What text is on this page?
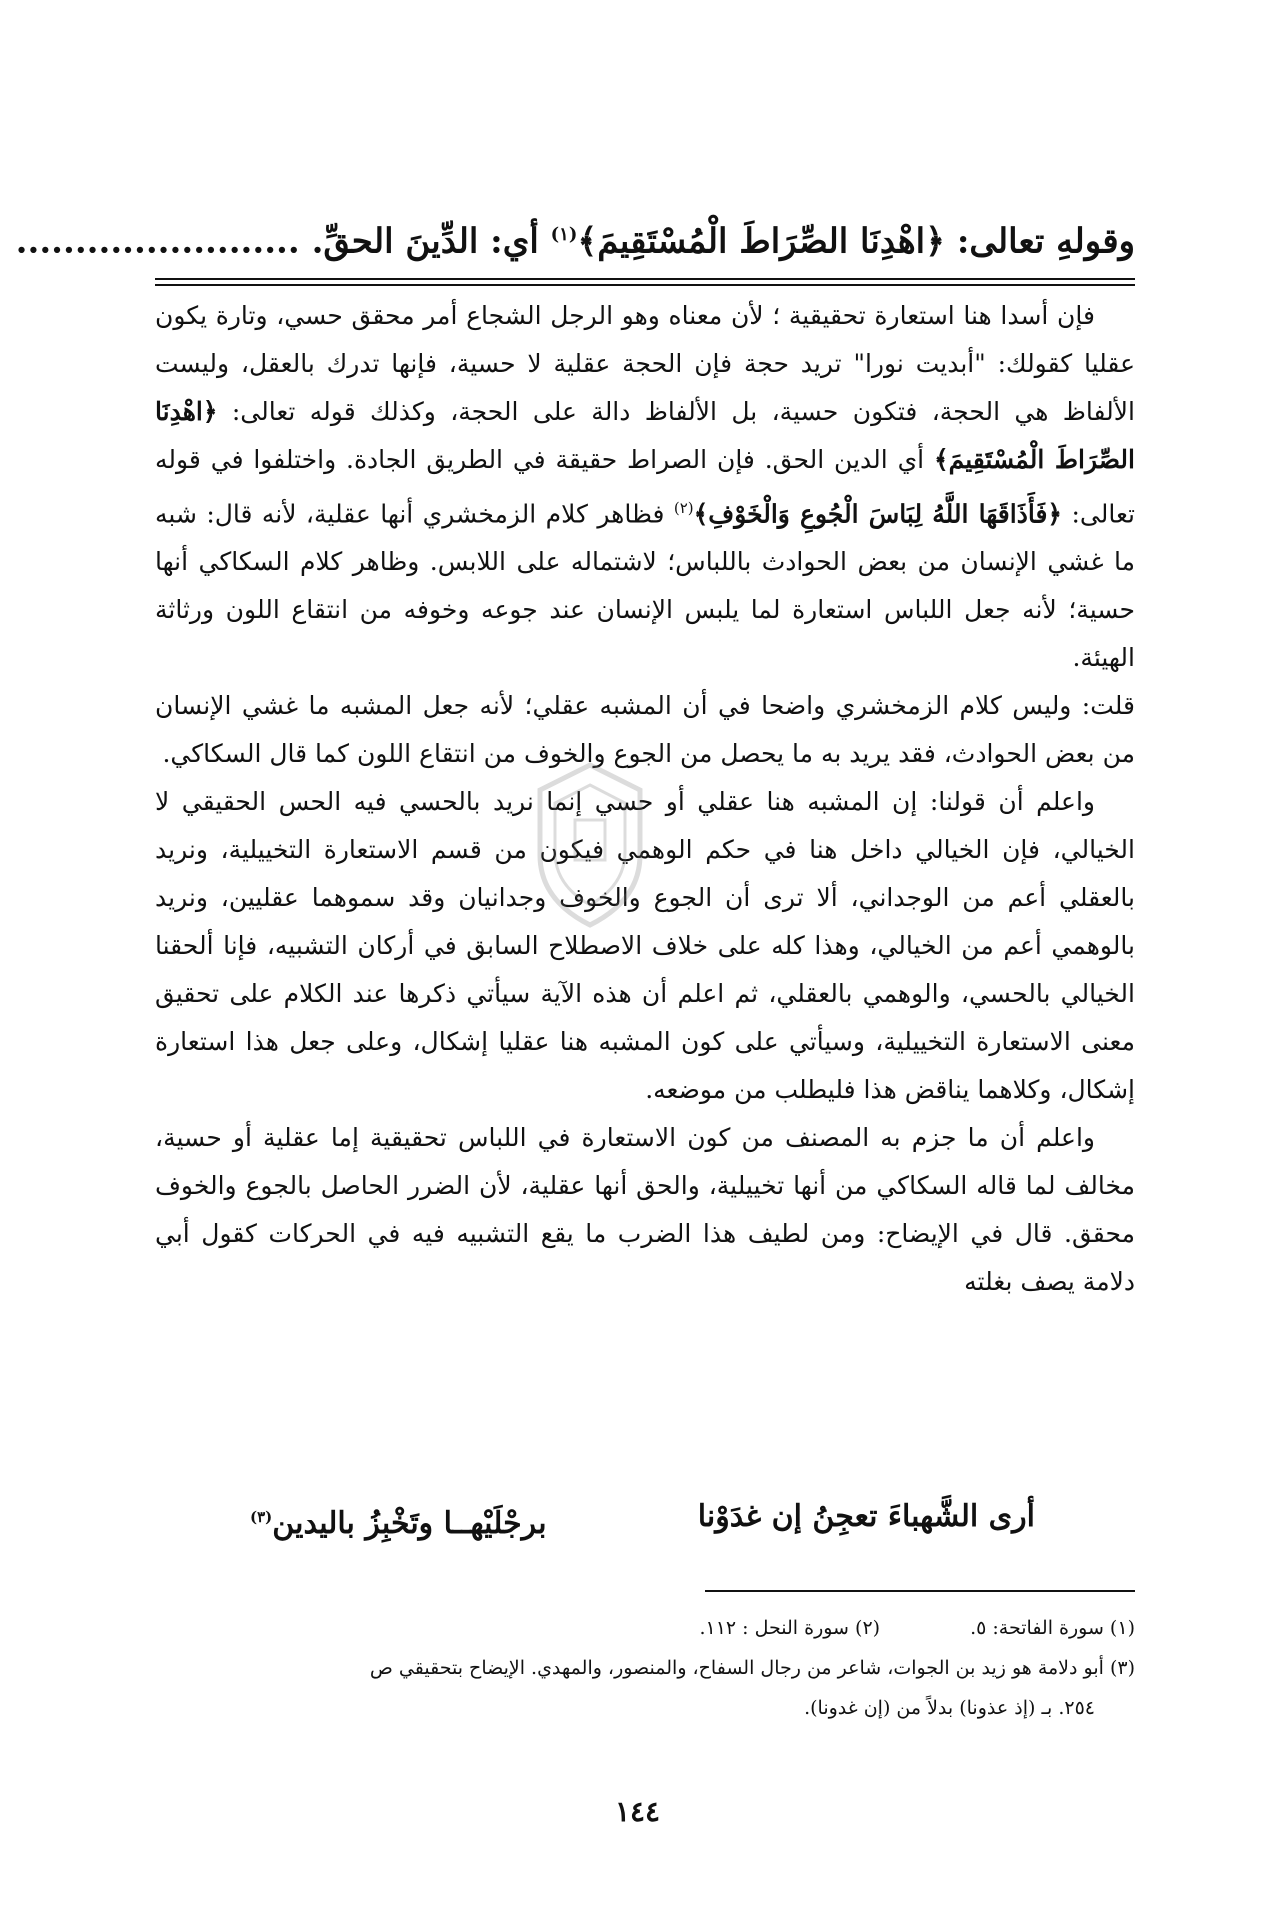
وقولهِ تعالى: ﴿اهْدِنَا الصِّرَاطَ الْمُسْتَقِيمَ﴾$^{(١)}$ أي: الدِّينَ الحقِّ. ........................

فإن أسدا هنا استعارة تحقيقية ؛ لأن معناه وهو الرجل الشجاع أمر محقق حسي، وتارة يكون عقليا كقولك: "أبديت نورا" تريد حجة فإن الحجة عقلية لا حسية، فإنها تدرك بالعقل، وليست الألفاظ هي الحجة، فتكون حسية، بل الألفاظ دالة على الحجة، وكذلك قوله تعالى: ﴿اهْدِنَا الصِّرَاطَ الْمُسْتَقِيمَ﴾ أي الدين الحق. فإن الصراط حقيقة في الطريق الجادة. واختلفوا في قوله تعالى: ﴿فَأَذَاقَهَا اللَّهُ لِبَاسَ الْجُوعِ وَالْخَوْفِ﴾$^{(٢)}$ فظاهر كلام الزمخشري أنها عقلية، لأنه قال: شبه ما غشي الإنسان من بعض الحوادث باللباس؛ لاشتماله على اللابس. وظاهر كلام السكاكي أنها حسية؛ لأنه جعل اللباس استعارة لما يلبس الإنسان عند جوعه وخوفه من انتقاع اللون ورثاثة الهيئة.

قلت: وليس كلام الزمخشري واضحا في أن المشبه عقلي؛ لأنه جعل المشبه ما غشي الإنسان من بعض الحوادث، فقد يريد به ما يحصل من الجوع والخوف من انتقاع اللون كما قال السكاكي.

واعلم أن قولنا: إن المشبه هنا عقلي أو حسي إنما نريد بالحسي فيه الحس الحقيقي لا الخيالي، فإن الخيالي داخل هنا في حكم الوهمي فيكون من قسم الاستعارة التخييلية، ونريد بالعقلي أعم من الوجداني، ألا ترى أن الجوع والخوف وجدانيان وقد سموهما عقليين، ونريد بالوهمي أعم من الخيالي، وهذا كله على خلاف الاصطلاح السابق في أركان التشبيه، فإنا ألحقنا الخيالي بالحسي، والوهمي بالعقلي، ثم اعلم أن هذه الآية سيأتي ذكرها عند الكلام على تحقيق معنى الاستعارة التخييلية، وسيأتي على كون المشبه هنا عقليا إشكال، وعلى جعل هذا استعارة إشكال، وكلاهما يناقض هذا فليطلب من موضعه.

واعلم أن ما جزم به المصنف من كون الاستعارة في اللباس تحقيقية إما عقلية أو حسية، مخالف لما قاله السكاكي من أنها تخييلية، والحق أنها عقلية، لأن الضرر الحاصل بالجوع والخوف محقق. قال في الإيضاح: ومن لطيف هذا الضرب ما يقع التشبيه فيه في الحركات كقول أبي دلامة يصف بغلته

أرى الشَّهباءَ تعجِنُ إن غدَوْنا
برجْلَيْهــا وتَخْبِزُ باليدين$^{(٣)}$
(١) سورة الفاتحة: ٥.
(٢) سورة النحل : ١١٢.

(٣) أبو دلامة هو زيد بن الجوات، شاعر من رجال السفاح، والمنصور، والمهدي. الإيضاح بتحقيقي ص

٢٥٤. بـ (إذ عذونا) بدلاً من (إن غدونا).

١٤٤
